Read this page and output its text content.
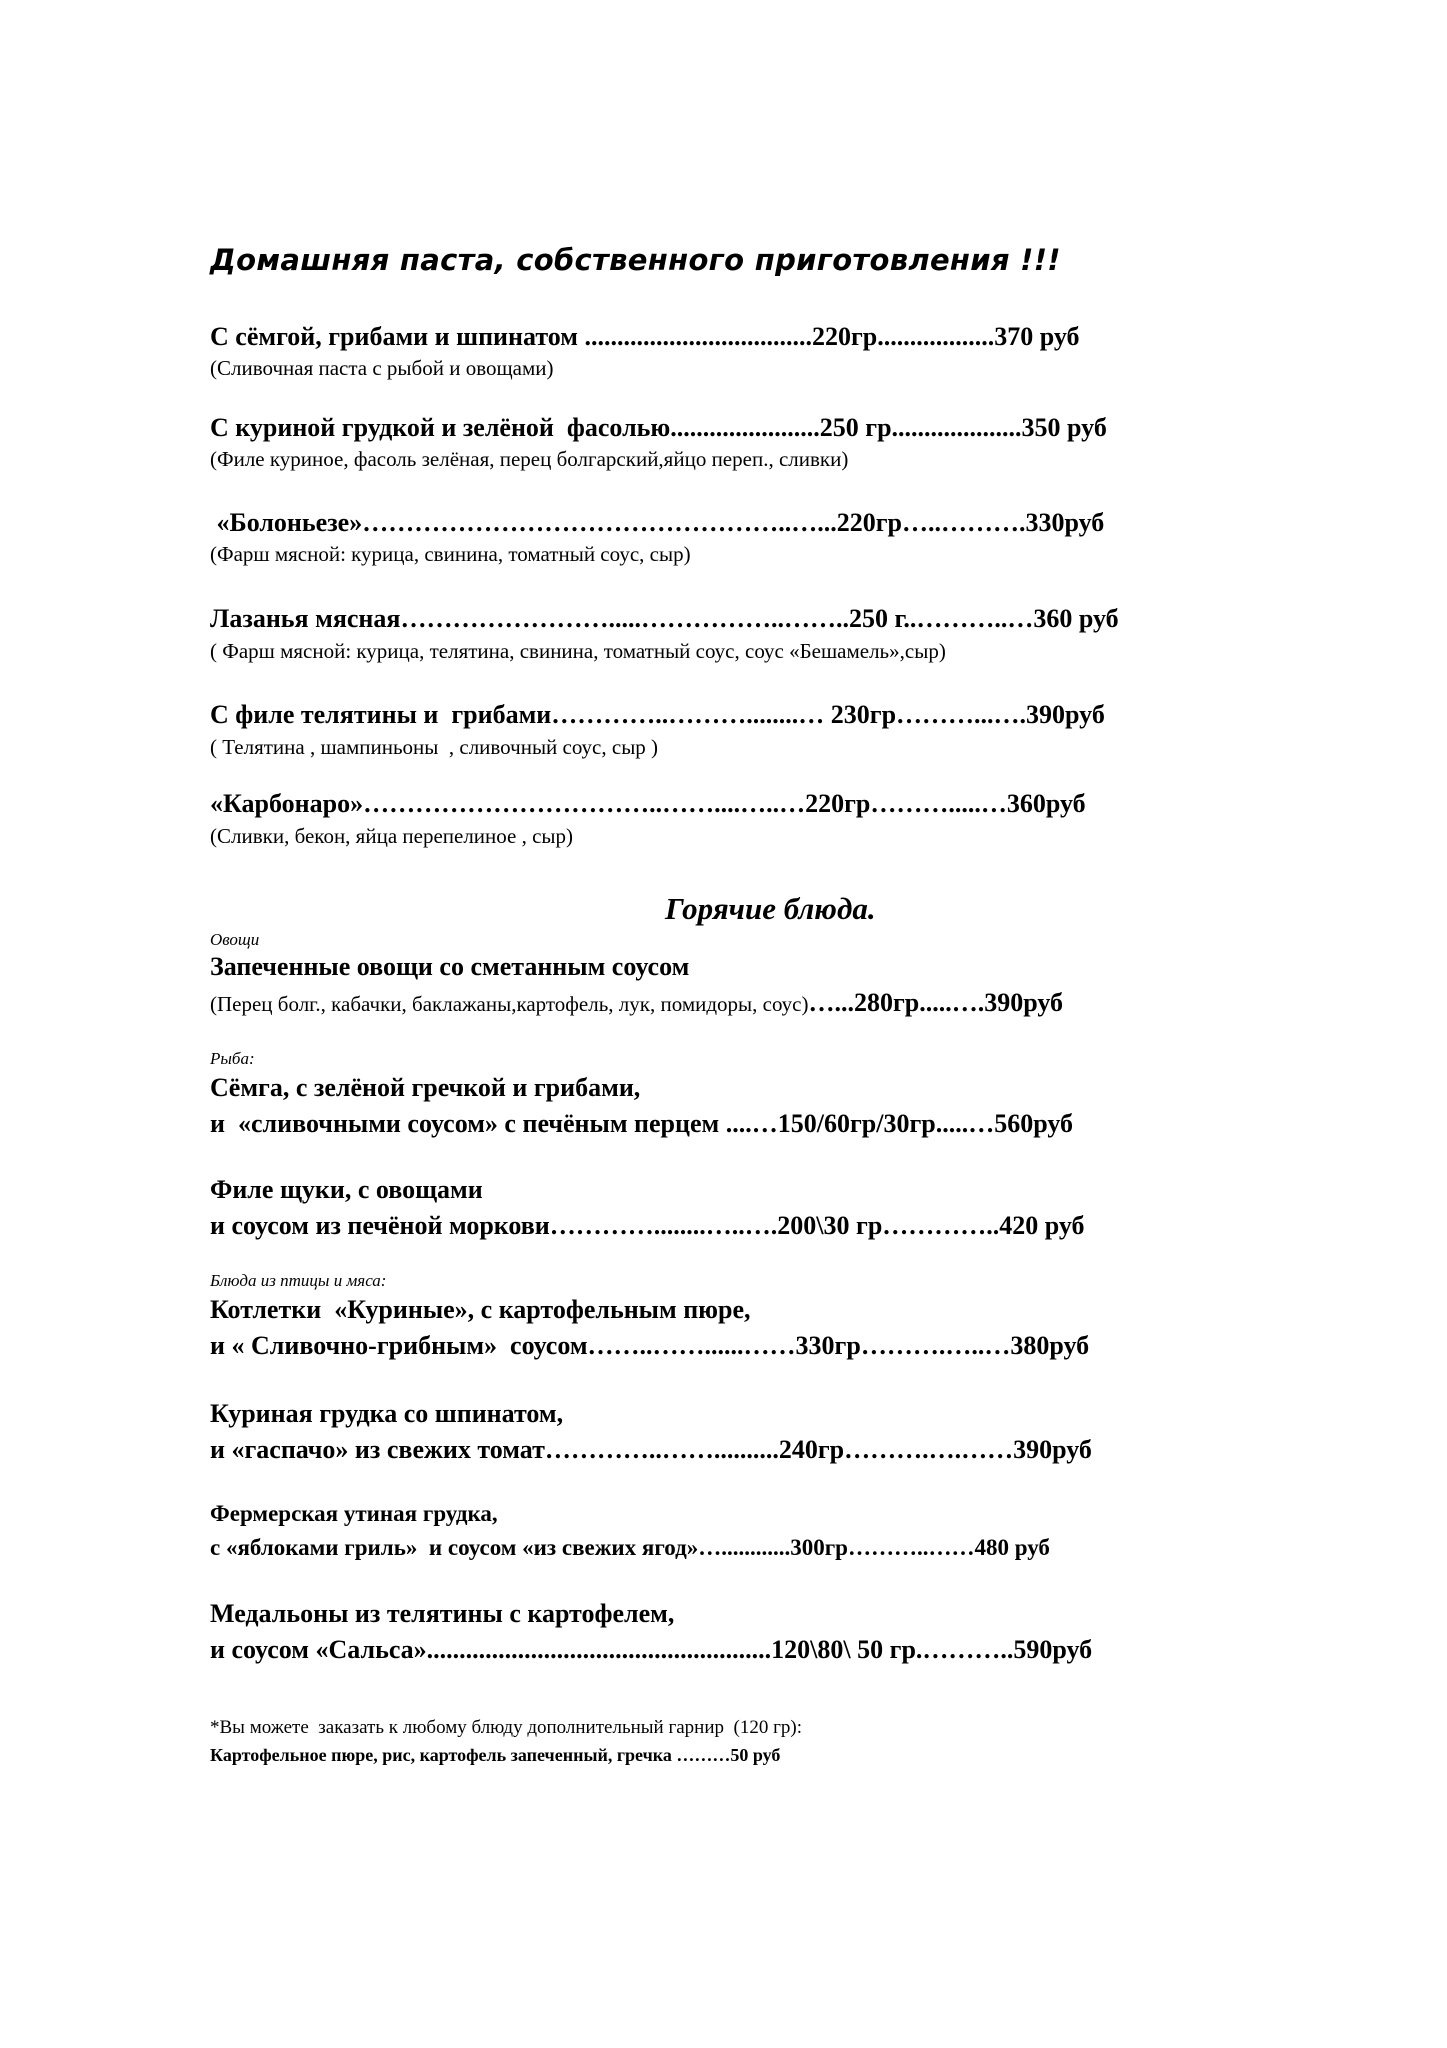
Домашняя паста, собственного приготовления !!!
С сёмгой, грибами и шпинатом ...................................220гр..................370 руб
(Сливочная паста с рыбой и овощами)
С куриной грудкой и зелёной  фасолью.......................250 гр....................350 руб
(Филе куриное, фасоль зелёная, перец болгарский,яйцо переп., сливки)
«Болоньезе»…………………………………………..…...220гр…..……….330руб
(Фарш мясной: курица, свинина, томатный соус, сыр)
Лазанья мясная…………………….....……………..……..250 г..………..…360 руб
( Фарш мясной: курица, телятина, свинина, томатный соус, соус «Бешамель»,сыр)
С филе телятины и  грибами…………..………........… 230гр………...….390руб
( Телятина , шампиньоны  , сливочный соус, сыр )
«Карбонаро»……………………………..……....…..…220гр……….....…360руб
(Сливки, бекон, яйца перепелиное , сыр)
Горячие блюда.
Овощи
Запеченные овощи со сметанным соусом
(Перец болг., кабачки, баклажаны,картофель, лук, помидоры, соус)…...280гр.....….390руб
Рыба:
Сёмга, с зелёной гречкой и грибами,
и  «сливочными соусом» с печёным перцем ....…150/60гр/30гр.....…560руб
Филе щуки, с овощами
и соусом из печёной моркови…………........…..….200\30 гр…………..420 руб
Блюда из птицы и мяса:
Котлетки  «Куриные», с картофельным пюре,
и « Сливочно-грибным»  соусом……..……......……330гр……….…..…380руб
Куриная грудка со шпинатом,
и «гаспачо» из свежих томат…………..……..........240гр……….….……390руб
Фермерская утиная грудка,
с «яблоками гриль»  и соусом «из свежих ягод»…............300гр………..……480 руб
Медальоны из телятины с картофелем,
и соусом «Сальса».....................................................120\80\ 50 гр.………..590руб
*Вы можете  заказать к любому блюду дополнительный гарнир  (120 гр):
Картофельное пюре, рис, картофель запеченный, гречка ………50 руб
